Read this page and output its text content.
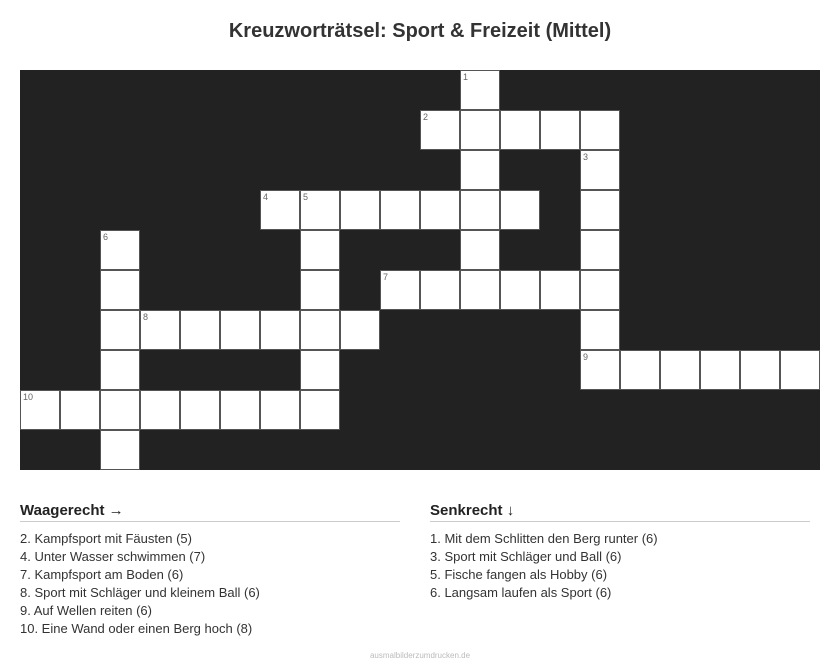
Kreuzworträtsel: Sport & Freizeit (Mittel)
1
2
3
4	5
6
7
8
9
10
Waagerecht →
2. Kampfsport mit Fäusten (5)
4. Unter Wasser schwimmen (7)
7. Kampfsport am Boden (6)
8. Sport mit Schläger und kleinem Ball (6)
9. Auf Wellen reiten (6)
10. Eine Wand oder einen Berg hoch (8)
Senkrecht ↓
1. Mit dem Schlitten den Berg runter (6)
3. Sport mit Schläger und Ball (6)
5. Fische fangen als Hobby (6)
6. Langsam laufen als Sport (6)
ausmalbilderzumdrucken.de
